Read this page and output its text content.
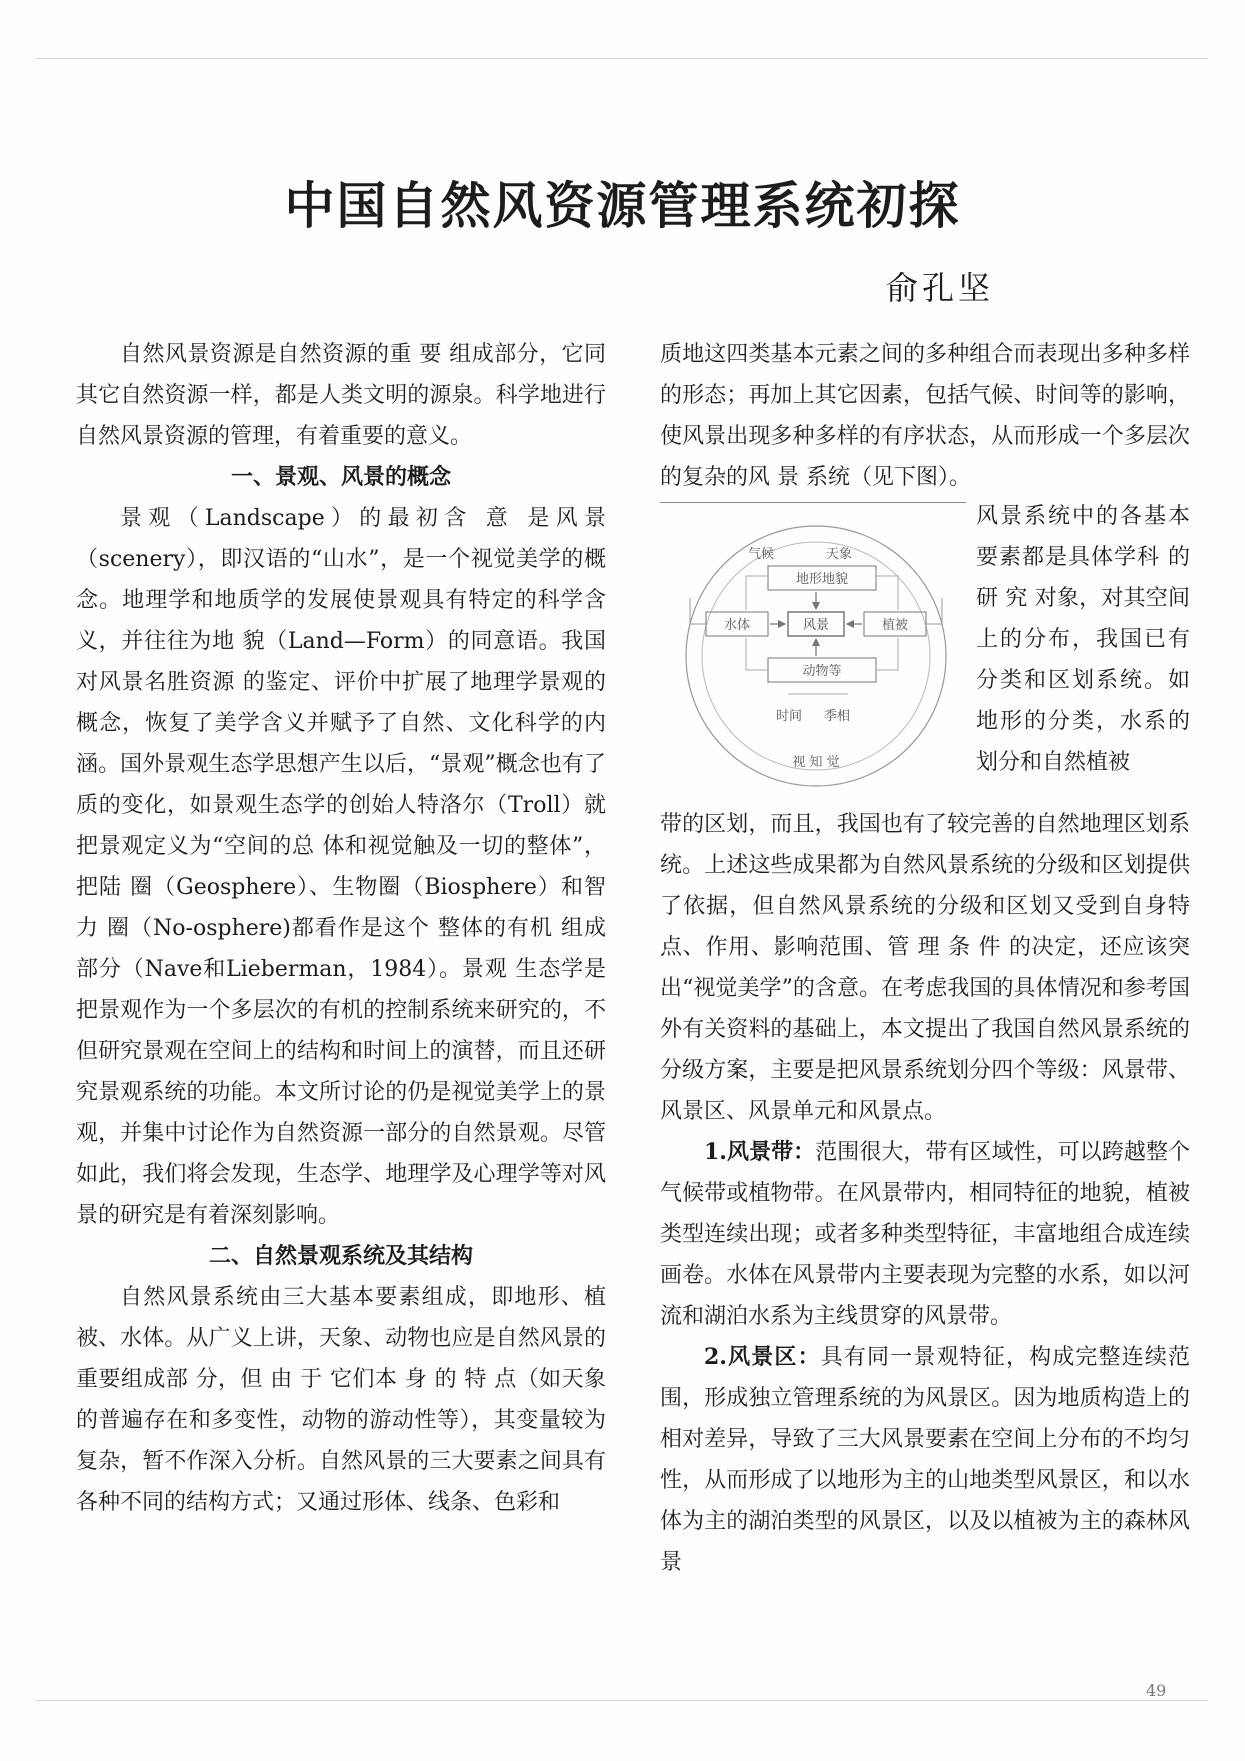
中国自然风资源管理系统初探
俞孔坚

自然风景资源是自然资源的重 要 组成部分，它同其它自然资源一样，都是人类文明的源泉。科学地进行自然风景资源的管理，有着重要的意义。

一、景观、风景的概念

景观（Landscape）的最初含 意 是风景（scenery），即汉语的“山水”，是一个视觉美学的概念。地理学和地质学的发展使景观具有特定的科学含义，并往往为地 貌（Land—Form）的同意语。我国对风景名胜资源 的鉴定、评价中扩展了地理学景观的概念，恢复了美学含义并赋予了自然、文化科学的内涵。国外景观生态学思想产生以后，“景观”概念也有了质的变化，如景观生态学的创始人特洛尔（Troll）就把景观定义为“空间的总 体和视觉触及一切的整体”，把陆 圈（Geosphere）、生物圈（Biosphere）和智力 圈（No-osphere)都看作是这个 整体的有机 组成部分（Nave和Lieberman，1984）。景观 生态学是把景观作为一个多层次的有机的控制系统来研究的，不但研究景观在空间上的结构和时间上的演替，而且还研究景观系统的功能。本文所讨论的仍是视觉美学上的景观，并集中讨论作为自然资源一部分的自然景观。尽管如此，我们将会发现，生态学、地理学及心理学等对风景的研究是有着深刻影响。

二、自然景观系统及其结构

自然风景系统由三大基本要素组成，即地形、植被、水体。从广义上讲，天象、动物也应是自然风景的重要组成部 分，但 由 于 它们本 身 的 特 点（如天象的普遍存在和多变性，动物的游动性等），其变量较为复杂，暂不作深入分析。自然风景的三大要素之间具有各种不同的结构方式；又通过形体、线条、色彩和

质地这四类基本元素之间的多种组合而表现出多种多样的形态；再加上其它因素，包括气候、时间等的影响，使风景出现多种多样的有序状态，从而形成一个多层次的复杂的风 景 系统（见下图）。

气候	天象
地形地貌
水体	风景	植被
动物等
时间 季相
视 知 觉
风景系统中的各基本要素都是具体学科 的 研 究 对象，对其空间上的分布，我国已有分类和区划系统。如地形的分类，水系的划分和自然植被

带的区划，而且，我国也有了较完善的自然地理区划系统。上述这些成果都为自然风景系统的分级和区划提供了依据，但自然风景系统的分级和区划又受到自身特点、作用、影响范围、管 理 条 件 的决定，还应该突出“视觉美学”的含意。在考虑我国的具体情况和参考国外有关资料的基础上，本文提出了我国自然风景系统的分级方案，主要是把风景系统划分四个等级：风景带、风景区、风景单元和风景点。

1.风景带：范围很大，带有区域性，可以跨越整个气候带或植物带。在风景带内，相同特征的地貌，植被类型连续出现；或者多种类型特征，丰富地组合成连续画卷。水体在风景带内主要表现为完整的水系，如以河流和湖泊水系为主线贯穿的风景带。

2.风景区：具有同一景观特征，构成完整连续范围，形成独立管理系统的为风景区。因为地质构造上的相对差异，导致了三大风景要素在空间上分布的不均匀性，从而形成了以地形为主的山地类型风景区，和以水体为主的湖泊类型的风景区，以及以植被为主的森林风景

49
